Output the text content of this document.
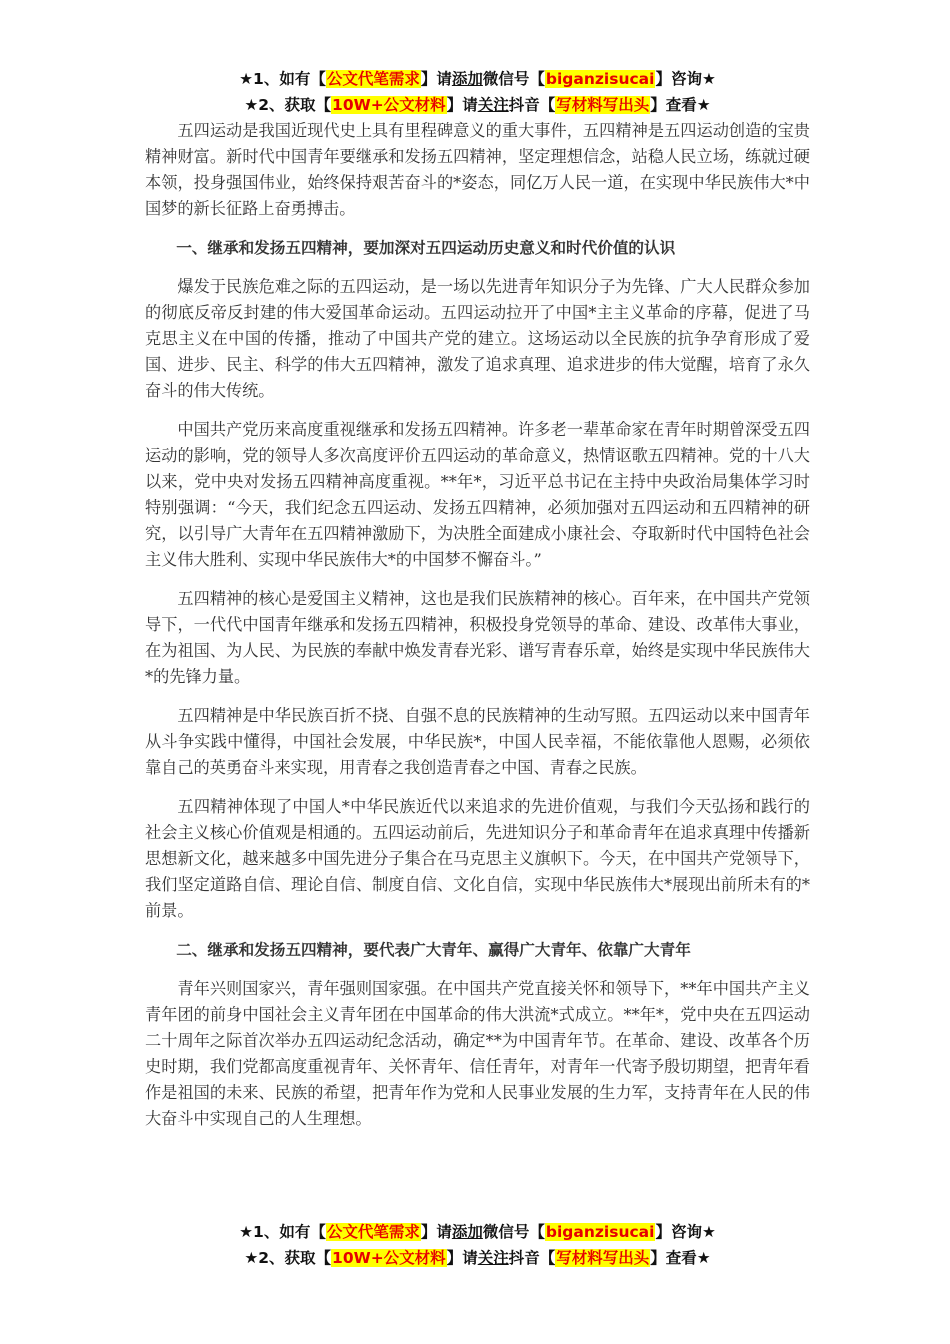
★1、如有【公文代笔需求】请添加微信号【biganzisucai】咨询★
★2、获取【10W+公文材料】请关注抖音【写材料写出头】查看★

五四运动是我国近现代史上具有里程碑意义的重大事件，五四精神是五四运动创造的宝贵精神财富。新时代中国青年要继承和发扬五四精神，坚定理想信念，站稳人民立场，练就过硬本领，投身强国伟业，始终保持艰苦奋斗的*姿态，同亿万人民一道，在实现中华民族伟大*中国梦的新长征路上奋勇搏击。

一、继承和发扬五四精神，要加深对五四运动历史意义和时代价值的认识

爆发于民族危难之际的五四运动，是一场以先进青年知识分子为先锋、广大人民群众参加的彻底反帝反封建的伟大爱国革命运动。五四运动拉开了中国*主主义革命的序幕，促进了马克思主义在中国的传播，推动了中国共产党的建立。这场运动以全民族的抗争孕育形成了爱国、进步、民主、科学的伟大五四精神，激发了追求真理、追求进步的伟大觉醒，培育了永久奋斗的伟大传统。

中国共产党历来高度重视继承和发扬五四精神。许多老一辈革命家在青年时期曾深受五四运动的影响，党的领导人多次高度评价五四运动的革命意义，热情讴歌五四精神。党的十八大以来，党中央对发扬五四精神高度重视。**年*，习近平总书记在主持中央政治局集体学习时特别强调：“今天，我们纪念五四运动、发扬五四精神，必须加强对五四运动和五四精神的研究，以引导广大青年在五四精神激励下，为决胜全面建成小康社会、夺取新时代中国特色社会主义伟大胜利、实现中华民族伟大*的中国梦不懈奋斗。”

五四精神的核心是爱国主义精神，这也是我们民族精神的核心。百年来，在中国共产党领导下，一代代中国青年继承和发扬五四精神，积极投身党领导的革命、建设、改革伟大事业，在为祖国、为人民、为民族的奉献中焕发青春光彩、谱写青春乐章，始终是实现中华民族伟大*的先锋力量。

五四精神是中华民族百折不挠、自强不息的民族精神的生动写照。五四运动以来中国青年从斗争实践中懂得，中国社会发展，中华民族*，中国人民幸福，不能依靠他人恩赐，必须依靠自己的英勇奋斗来实现，用青春之我创造青春之中国、青春之民族。

五四精神体现了中国人*中华民族近代以来追求的先进价值观，与我们今天弘扬和践行的社会主义核心价值观是相通的。五四运动前后，先进知识分子和革命青年在追求真理中传播新思想新文化，越来越多中国先进分子集合在马克思主义旗帜下。今天，在中国共产党领导下，我们坚定道路自信、理论自信、制度自信、文化自信，实现中华民族伟大*展现出前所未有的*前景。

二、继承和发扬五四精神，要代表广大青年、赢得广大青年、依靠广大青年

青年兴则国家兴，青年强则国家强。在中国共产党直接关怀和领导下，**年中国共产主义青年团的前身中国社会主义青年团在中国革命的伟大洪流*式成立。**年*，党中央在五四运动二十周年之际首次举办五四运动纪念活动，确定**为中国青年节。在革命、建设、改革各个历史时期，我们党都高度重视青年、关怀青年、信任青年，对青年一代寄予殷切期望，把青年看作是祖国的未来、民族的希望，把青年作为党和人民事业发展的生力军，支持青年在人民的伟大奋斗中实现自己的人生理想。

★1、如有【公文代笔需求】请添加微信号【biganzisucai】咨询★
★2、获取【10W+公文材料】请关注抖音【写材料写出头】查看★
